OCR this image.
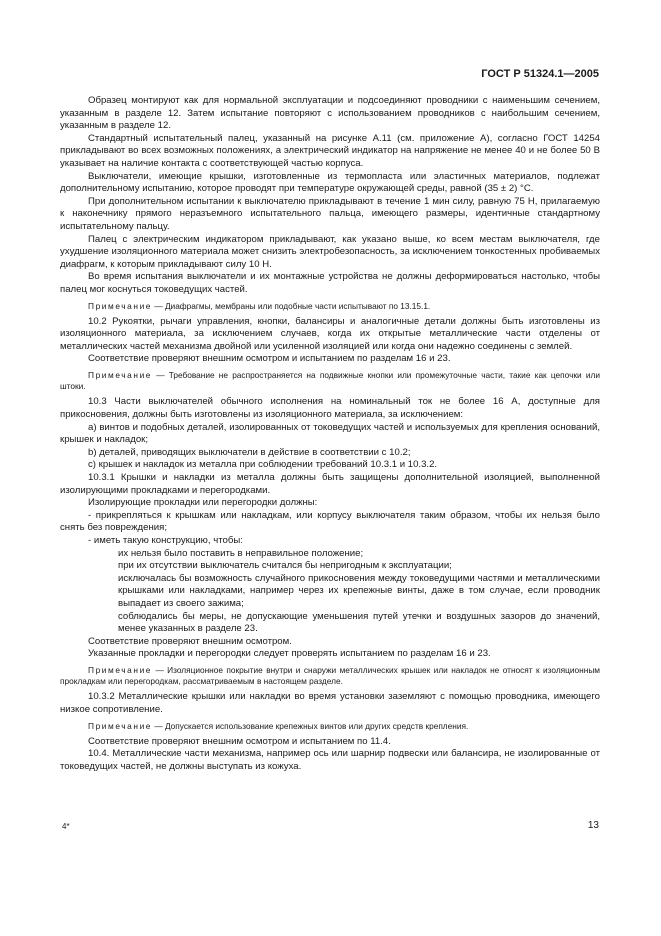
ГОСТ Р 51324.1—2005

Образец монтируют как для нормальной эксплуатации и подсоединяют проводники с наименьшим сечением, указанным в разделе 12. Затем испытание повторяют с использованием проводников с наибольшим сечением, указанным в разделе 12.

Стандартный испытательный палец, указанный на рисунке А.11 (см. приложение А), согласно ГОСТ 14254 прикладывают во всех возможных положениях, а электрический индикатор на напряжение не менее 40 и не более 50 В указывает на наличие контакта с соответствующей частью корпуса.

Выключатели, имеющие крышки, изготовленные из термопласта или эластичных материалов, подлежат дополнительному испытанию, которое проводят при температуре окружающей среды, равной (35 ± 2) °С.

При дополнительном испытании к выключателю прикладывают в течение 1 мин силу, равную 75 Н, прилагаемую к наконечнику прямого неразъемного испытательного пальца, имеющего размеры, идентичные стандартному испытательному пальцу.

Палец с электрическим индикатором прикладывают, как указано выше, ко всем местам выключателя, где ухудшение изоляционного материала может снизить электробезопасность, за исключением тонкостенных пробиваемых диафрагм, к которым прикладывают силу 10 Н.

Во время испытания выключатели и их монтажные устройства не должны деформироваться настолько, чтобы палец мог коснуться токоведущих частей.

Примечание — Диафрагмы, мембраны или подобные части испытывают по 13.15.1.

10.2 Рукоятки, рычаги управления, кнопки, балансиры и аналогичные детали должны быть изготовлены из изоляционного материала, за исключением случаев, когда их открытые металлические части отделены от металлических частей механизма двойной или усиленной изоляцией или когда они надежно соединены с землей.

Соответствие проверяют внешним осмотром и испытанием по разделам 16 и 23.

Примечание — Требование не распространяется на подвижные кнопки или промежуточные части, такие как цепочки или штоки.

10.3 Части выключателей обычного исполнения на номинальный ток не более 16 А, доступные для прикосновения, должны быть изготовлены из изоляционного материала, за исключением:

а) винтов и подобных деталей, изолированных от токоведущих частей и используемых для крепления оснований, крышек и накладок;

b) деталей, приводящих выключатели в действие в соответствии с 10.2;

с) крышек и накладок из металла при соблюдении требований 10.3.1 и 10.3.2.

10.3.1 Крышки и накладки из металла должны быть защищены дополнительной изоляцией, выполненной изолирующими прокладками и перегородками.

Изолирующие прокладки или перегородки должны:

- прикрепляться к крышкам или накладкам, или корпусу выключателя таким образом, чтобы их нельзя было снять без повреждения;

- иметь такую конструкцию, чтобы:

их нельзя было поставить в неправильное положение;

при их отсутствии выключатель считался бы непригодным к эксплуатации;

исключалась бы возможность случайного прикосновения между токоведущими частями и металлическими крышками или накладками, например через их крепежные винты, даже в том случае, если проводник выпадает из своего зажима;

соблюдались бы меры, не допускающие уменьшения путей утечки и воздушных зазоров до значений, менее указанных в разделе 23.

Соответствие проверяют внешним осмотром.

Указанные прокладки и перегородки следует проверять испытанием по разделам 16 и 23.

Примечание — Изоляционное покрытие внутри и снаружи металлических крышек или накладок не относят к изоляционным прокладкам или перегородкам, рассматриваемым в настоящем разделе.

10.3.2 Металлические крышки или накладки во время установки заземляют с помощью проводника, имеющего низкое сопротивление.

Примечание — Допускается использование крепежных винтов или других средств крепления.

Соответствие проверяют внешним осмотром и испытанием по 11.4.

10.4. Металлические части механизма, например ось или шарнир подвески или балансира, не изолированные от токоведущих частей, не должны выступать из кожуха.

4*	13
